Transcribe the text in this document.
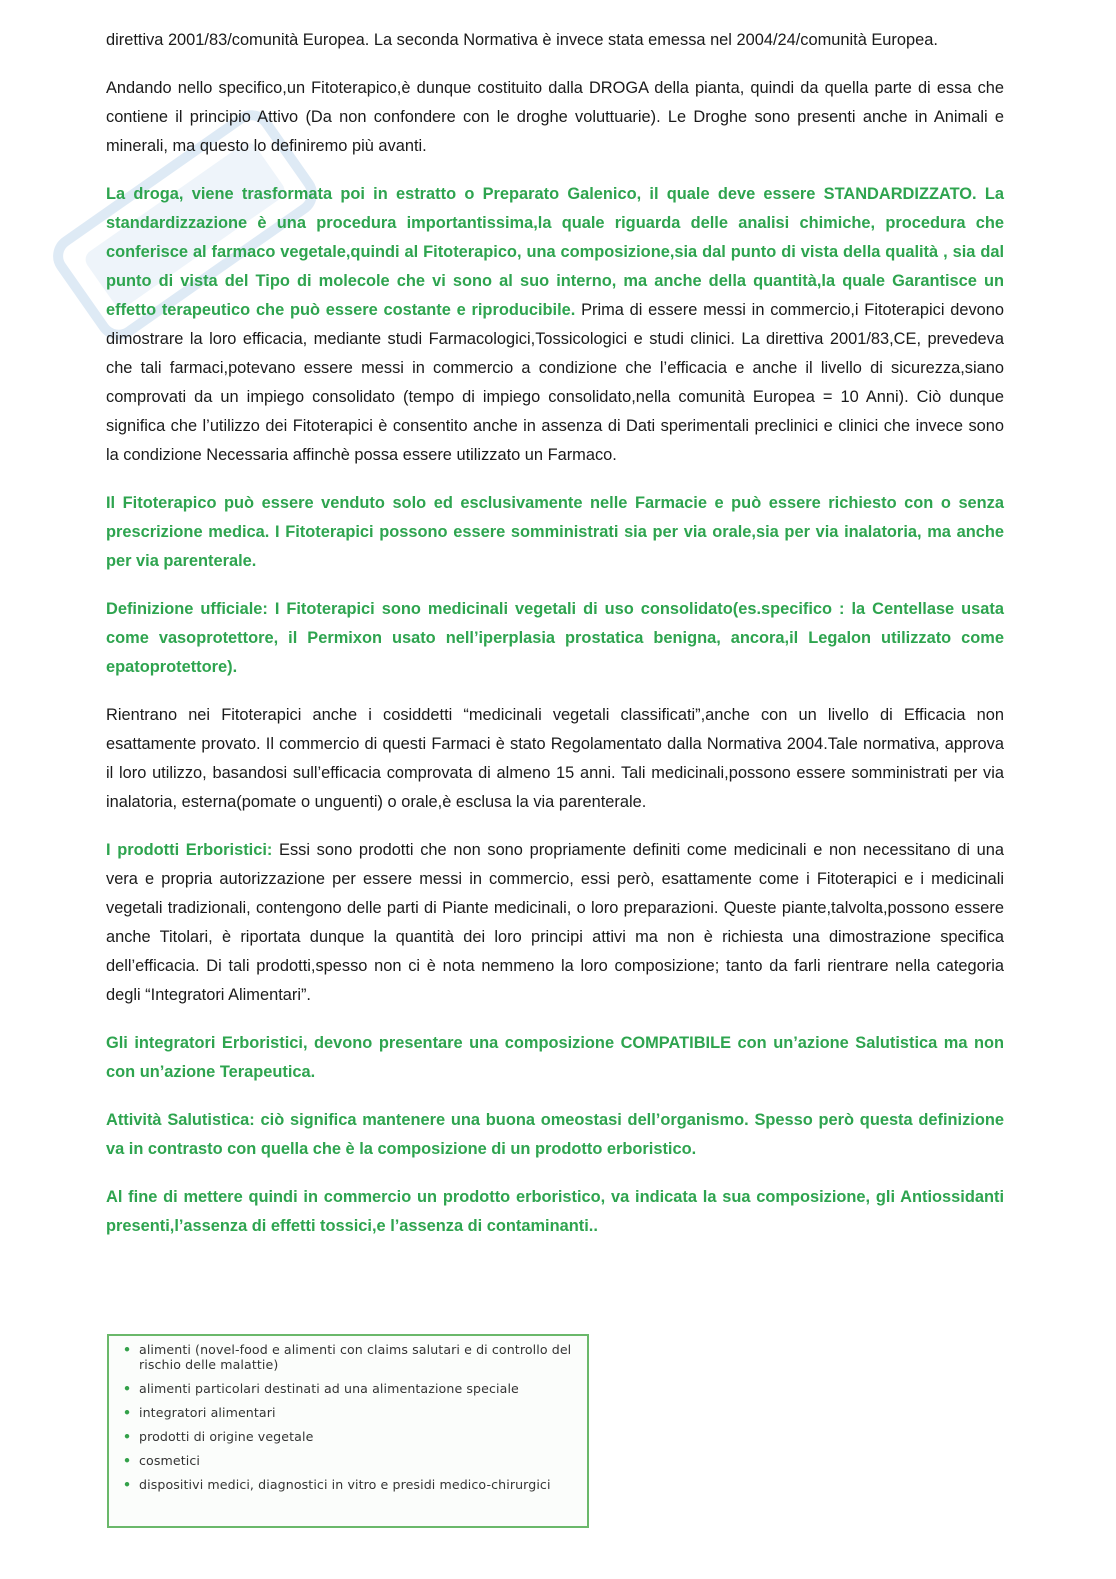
direttiva 2001/83/comunità Europea. La seconda Normativa è invece stata emessa nel 2004/24/comunità Europea.

Andando nello specifico,un Fitoterapico,è dunque costituito dalla DROGA della pianta, quindi da quella parte di essa che contiene il principio Attivo (Da non confondere con le droghe voluttuarie). Le Droghe sono presenti anche in Animali e minerali, ma questo lo definiremo più avanti.

La droga, viene trasformata poi in estratto o Preparato Galenico, il quale deve essere STANDARDIZZATO. La standardizzazione è una procedura importantissima,la quale riguarda delle analisi chimiche, procedura che conferisce al farmaco vegetale,quindi al Fitoterapico, una composizione,sia dal punto di vista della qualità , sia dal punto di vista del Tipo di molecole che vi sono al suo interno, ma anche della quantità,la quale Garantisce un effetto terapeutico che può essere costante e riproducibile. Prima di essere messi in commercio,i Fitoterapici devono dimostrare la loro efficacia, mediante studi Farmacologici,Tossicologici e studi clinici. La direttiva 2001/83,CE, prevedeva che tali farmaci,potevano essere messi in commercio a condizione che l’efficacia e anche il livello di sicurezza,siano comprovati da un impiego consolidato (tempo di impiego consolidato,nella comunità Europea = 10 Anni). Ciò dunque significa che l’utilizzo dei Fitoterapici è consentito anche in assenza di Dati sperimentali preclinici e clinici che invece sono la condizione Necessaria affinchè possa essere utilizzato un Farmaco.

Il Fitoterapico può essere venduto solo ed esclusivamente nelle Farmacie e può essere richiesto con o senza prescrizione medica. I Fitoterapici possono essere somministrati sia per via orale,sia per via inalatoria, ma anche per via parenterale.

Definizione ufficiale: I Fitoterapici sono medicinali vegetali di uso consolidato(es.specifico : la Centellase usata come vasoprotettore, il Permixon usato nell’iperplasia prostatica benigna, ancora,il Legalon utilizzato come epatoprotettore).

Rientrano nei Fitoterapici anche i cosiddetti “medicinali vegetali classificati”,anche con un livello di Efficacia non esattamente provato. Il commercio di questi Farmaci è stato Regolamentato dalla Normativa 2004.Tale normativa, approva il loro utilizzo, basandosi sull’efficacia comprovata di almeno 15 anni. Tali medicinali,possono essere somministrati per via inalatoria, esterna(pomate o unguenti) o orale,è esclusa la via parenterale.

I prodotti Erboristici: Essi sono prodotti che non sono propriamente definiti come medicinali e non necessitano di una vera e propria autorizzazione per essere messi in commercio, essi però, esattamente come i Fitoterapici e i medicinali vegetali tradizionali, contengono delle parti di Piante medicinali, o loro preparazioni. Queste piante,talvolta,possono essere anche Titolari, è riportata dunque la quantità dei loro principi attivi ma non è richiesta una dimostrazione specifica dell’efficacia. Di tali prodotti,spesso non ci è nota nemmeno la loro composizione; tanto da farli rientrare nella categoria degli “Integratori Alimentari”.

Gli integratori Erboristici, devono presentare una composizione COMPATIBILE con un’azione Salutistica ma non con un’azione Terapeutica.

Attività Salutistica: ciò significa mantenere una buona omeostasi dell’organismo. Spesso però questa definizione va in contrasto con quella che è la composizione di un prodotto erboristico.

Al fine di mettere quindi in commercio un prodotto erboristico, va indicata la sua composizione, gli Antiossidanti presenti,l’assenza di effetti tossici,e l’assenza di contaminanti..

• alimenti (novel-food e alimenti con claims salutari e di controllo del rischio delle malattie)
• alimenti particolari destinati ad una alimentazione speciale
• integratori alimentari
• prodotti di origine vegetale
• cosmetici
• dispositivi medici, diagnostici in vitro e presidi medico-chirurgici
